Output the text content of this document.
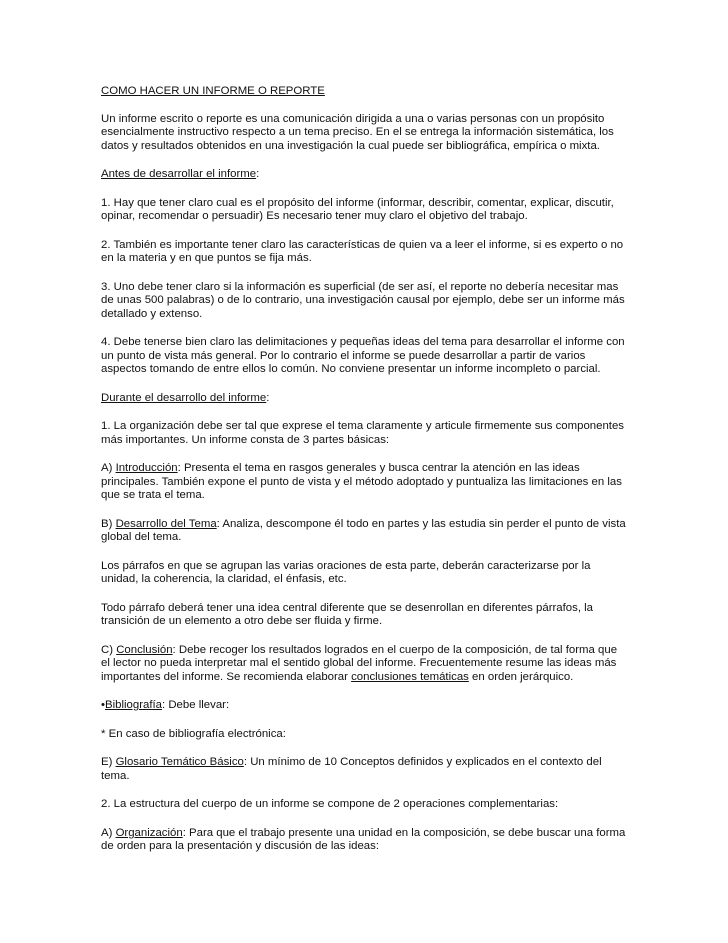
COMO HACER UN INFORME O REPORTE

Un informe escrito o reporte es una comunicación dirigida a una o varias personas con un propósito esencialmente instructivo respecto a un tema preciso. En el se entrega la información sistemática, los datos y resultados obtenidos en una investigación la cual puede ser bibliográfica, empírica o mixta.

Antes de desarrollar el informe:

1. Hay que tener claro cual es el propósito del informe (informar, describir, comentar, explicar, discutir, opinar, recomendar o persuadir) Es necesario tener muy claro el objetivo del trabajo.

2. También es importante tener claro las características de quien va a leer el informe, si es experto o no en la materia y en que puntos se fija más.

3. Uno debe tener claro si la información es superficial (de ser así, el reporte no debería necesitar mas de unas 500 palabras) o de lo contrario, una investigación causal por ejemplo, debe ser un informe más detallado y extenso.

4. Debe tenerse bien claro las delimitaciones y pequeñas ideas del tema para desarrollar el informe con un punto de vista más general. Por lo contrario el informe se puede desarrollar a partir de varios aspectos tomando de entre ellos lo común. No conviene presentar un informe incompleto o parcial.

Durante el desarrollo del informe:

1. La organización debe ser tal que exprese el tema claramente y articule firmemente sus componentes más importantes. Un informe consta de 3 partes básicas:

A) Introducción: Presenta el tema en rasgos generales y busca centrar la atención en las ideas principales. También expone el punto de vista y el método adoptado y puntualiza las limitaciones en las que se trata el tema.

B) Desarrollo del Tema: Analiza, descompone él todo en partes y las estudia sin perder el punto de vista global del tema.

Los párrafos en que se agrupan las varias oraciones de esta parte, deberán caracterizarse por la unidad, la coherencia, la claridad, el énfasis, etc.

Todo párrafo deberá tener una idea central diferente que se desenrollan en diferentes párrafos, la transición de un elemento a otro debe ser fluida y firme.

C) Conclusión: Debe recoger los resultados logrados en el cuerpo de la composición, de tal forma que el lector no pueda interpretar mal el sentido global del informe. Frecuentemente resume las ideas más importantes del informe. Se recomienda elaborar conclusiones temáticas en orden jerárquico.

•Bibliografía: Debe llevar:

* En caso de bibliografía electrónica:

E) Glosario Temático Básico: Un mínimo de 10 Conceptos definidos y explicados en el contexto del tema.

2. La estructura del cuerpo de un informe se compone de 2 operaciones complementarias:

A) Organización: Para que el trabajo presente una unidad en la composición, se debe buscar una forma de orden para la presentación y discusión de las ideas:
